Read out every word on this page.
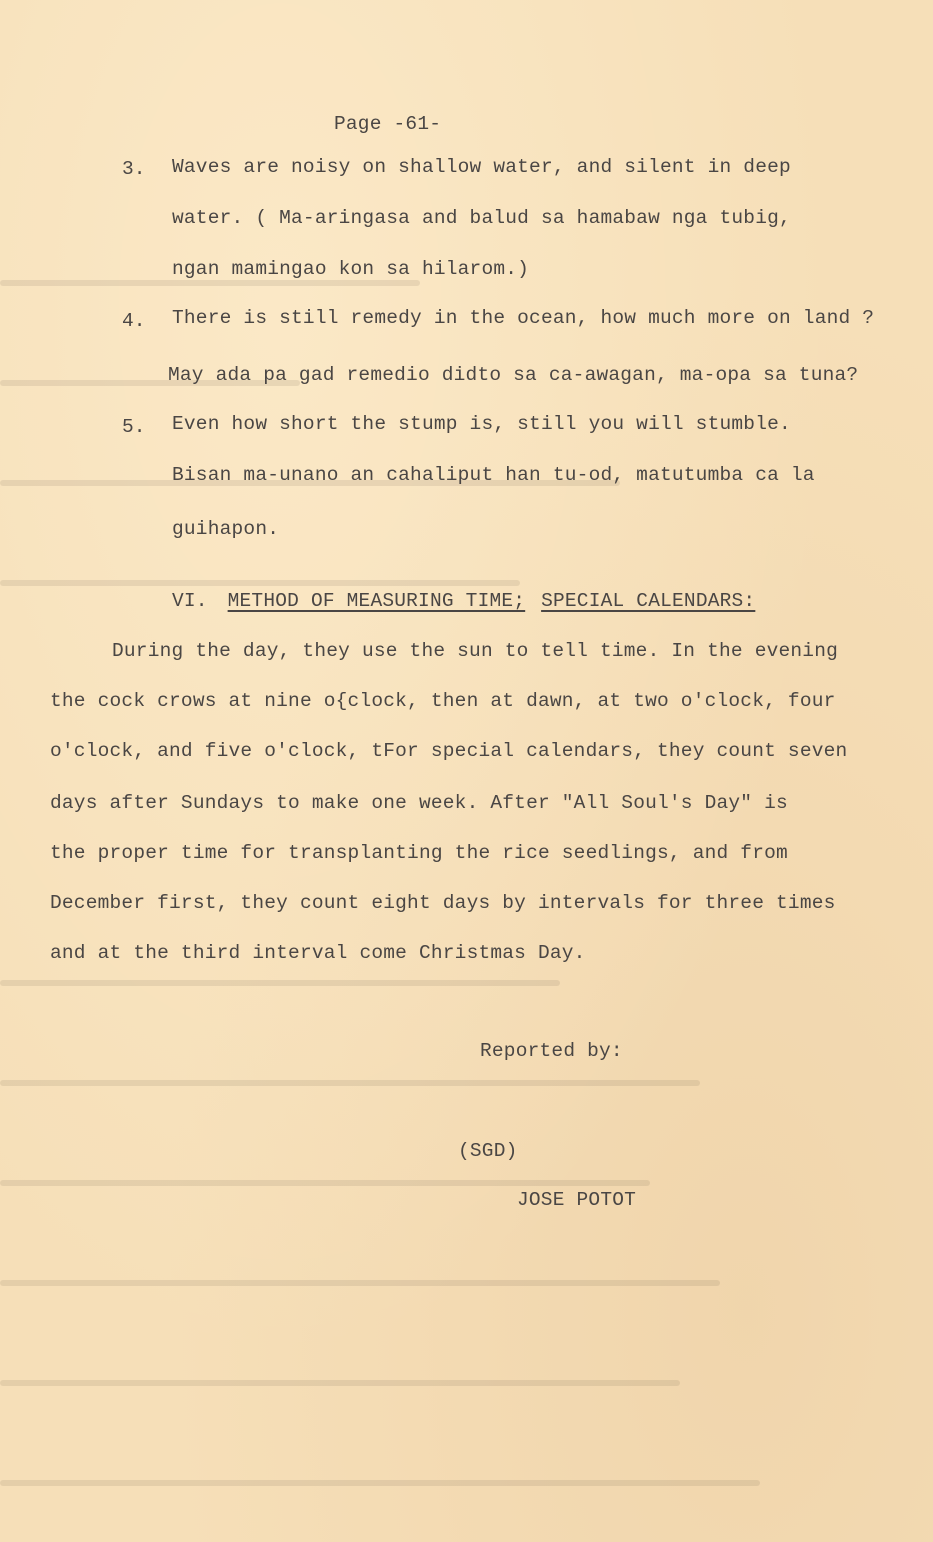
Page -61-
3. Waves are noisy on shallow water, and silent in deep
water. ( Ma-aringasa and balud sa hamabaw nga tubig,
ngan mamingao kon sa hilarom.)
4. There is still remedy in the ocean, how much more on land ?
May ada pa gad remedio didto sa ca-awagan, ma-opa sa tuna?
5. Even how short the stump is, still you will stumble.
Bisan ma-unano an cahaliput han tu-od, matutumba ca la
guihapon.
VI. METHOD OF MEASURING TIME; SPECIAL CALENDARS:
During the day, they use the sun to tell time. In the evening
the cock crows at nine o{clock, then at dawn, at two o'clock, four
o'clock, and five o'clock, tFor special calendars, they count seven
days after Sundays to make one week. After "All Soul's Day" is
the proper time for transplanting the rice seedlings, and from
December first, they count eight days by intervals for three times
and at the third interval come Christmas Day.
Reported by:
(SGD)
JOSE POTOT
